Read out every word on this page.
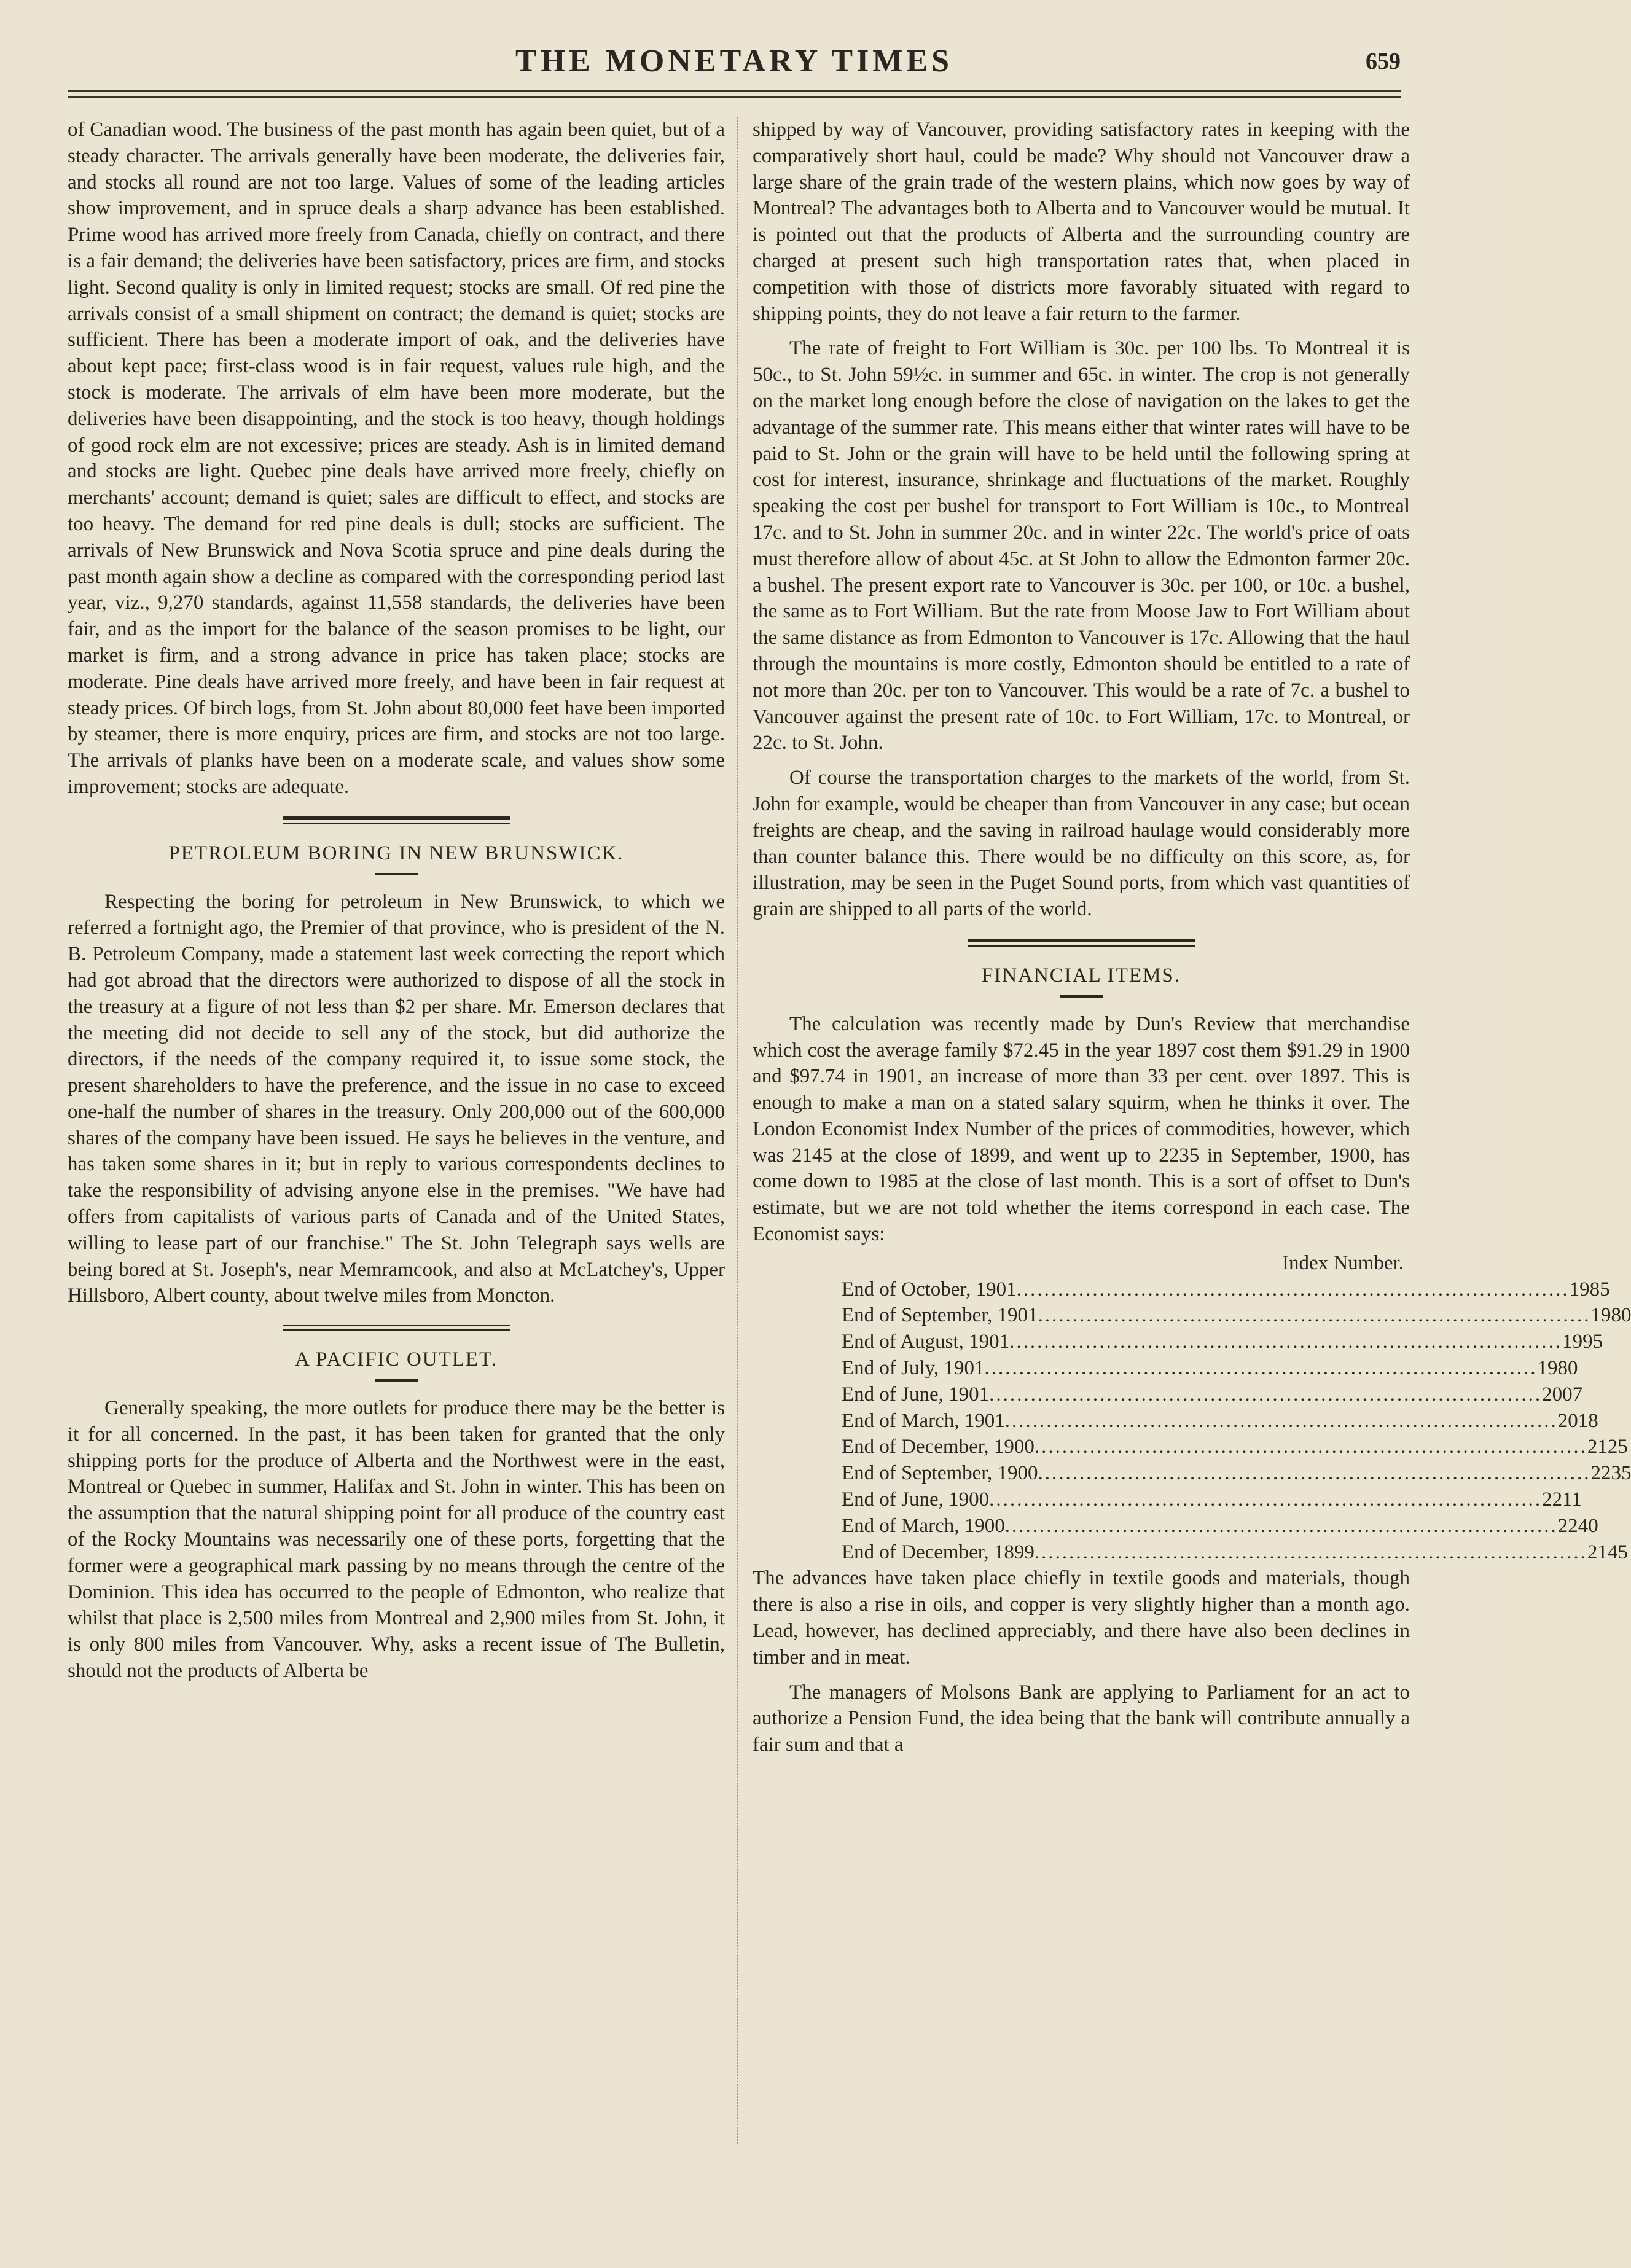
THE MONETARY TIMES	659

of Canadian wood. The business of the past month has again been quiet, but of a steady character. The arrivals generally have been moderate, the deliveries fair, and stocks all round are not too large. Values of some of the leading articles show improvement, and in spruce deals a sharp advance has been established. Prime wood has arrived more freely from Canada, chiefly on contract, and there is a fair demand; the deliveries have been satisfactory, prices are firm, and stocks light. Second quality is only in limited request; stocks are small. Of red pine the arrivals consist of a small shipment on contract; the demand is quiet; stocks are sufficient. There has been a moderate import of oak, and the deliveries have about kept pace; first-class wood is in fair request, values rule high, and the stock is moderate. The arrivals of elm have been more moderate, but the deliveries have been disappointing, and the stock is too heavy, though holdings of good rock elm are not excessive; prices are steady. Ash is in limited demand and stocks are light. Quebec pine deals have arrived more freely, chiefly on merchants' account; demand is quiet; sales are difficult to effect, and stocks are too heavy. The demand for red pine deals is dull; stocks are sufficient. The arrivals of New Brunswick and Nova Scotia spruce and pine deals during the past month again show a decline as compared with the corresponding period last year, viz., 9,270 standards, against 11,558 standards, the deliveries have been fair, and as the import for the balance of the season promises to be light, our market is firm, and a strong advance in price has taken place; stocks are moderate. Pine deals have arrived more freely, and have been in fair request at steady prices. Of birch logs, from St. John about 80,000 feet have been imported by steamer, there is more enquiry, prices are firm, and stocks are not too large. The arrivals of planks have been on a moderate scale, and values show some improvement; stocks are adequate.

PETROLEUM BORING IN NEW BRUNSWICK.

Respecting the boring for petroleum in New Brunswick, to which we referred a fortnight ago, the Premier of that province, who is president of the N. B. Petroleum Company, made a statement last week correcting the report which had got abroad that the directors were authorized to dispose of all the stock in the treasury at a figure of not less than $2 per share. Mr. Emerson declares that the meeting did not decide to sell any of the stock, but did authorize the directors, if the needs of the company required it, to issue some stock, the present shareholders to have the preference, and the issue in no case to exceed one-half the number of shares in the treasury. Only 200,000 out of the 600,000 shares of the company have been issued. He says he believes in the venture, and has taken some shares in it; but in reply to various correspondents declines to take the responsibility of advising anyone else in the premises. "We have had offers from capitalists of various parts of Canada and of the United States, willing to lease part of our franchise." The St. John Telegraph says wells are being bored at St. Joseph's, near Memramcook, and also at McLatchey's, Upper Hillsboro, Albert county, about twelve miles from Moncton.

A PACIFIC OUTLET.

Generally speaking, the more outlets for produce there may be the better is it for all concerned. In the past, it has been taken for granted that the only shipping ports for the produce of Alberta and the Northwest were in the east, Montreal or Quebec in summer, Halifax and St. John in winter. This has been on the assumption that the natural shipping point for all produce of the country east of the Rocky Mountains was necessarily one of these ports, forgetting that the former were a geographical mark passing by no means through the centre of the Dominion. This idea has occurred to the people of Edmonton, who realize that whilst that place is 2,500 miles from Montreal and 2,900 miles from St. John, it is only 800 miles from Vancouver. Why, asks a recent issue of The Bulletin, should not the products of Alberta be

shipped by way of Vancouver, providing satisfactory rates in keeping with the comparatively short haul, could be made? Why should not Vancouver draw a large share of the grain trade of the western plains, which now goes by way of Montreal? The advantages both to Alberta and to Vancouver would be mutual. It is pointed out that the products of Alberta and the surrounding country are charged at present such high transportation rates that, when placed in competition with those of districts more favorably situated with regard to shipping points, they do not leave a fair return to the farmer.

The rate of freight to Fort William is 30c. per 100 lbs. To Montreal it is 50c., to St. John 59½c. in summer and 65c. in winter. The crop is not generally on the market long enough before the close of navigation on the lakes to get the advantage of the summer rate. This means either that winter rates will have to be paid to St. John or the grain will have to be held until the following spring at cost for interest, insurance, shrinkage and fluctuations of the market. Roughly speaking the cost per bushel for transport to Fort William is 10c., to Montreal 17c. and to St. John in summer 20c. and in winter 22c. The world's price of oats must therefore allow of about 45c. at St John to allow the Edmonton farmer 20c. a bushel. The present export rate to Vancouver is 30c. per 100, or 10c. a bushel, the same as to Fort William. But the rate from Moose Jaw to Fort William about the same distance as from Edmonton to Vancouver is 17c. Allowing that the haul through the mountains is more costly, Edmonton should be entitled to a rate of not more than 20c. per ton to Vancouver. This would be a rate of 7c. a bushel to Vancouver against the present rate of 10c. to Fort William, 17c. to Montreal, or 22c. to St. John.

Of course the transportation charges to the markets of the world, from St. John for example, would be cheaper than from Vancouver in any case; but ocean freights are cheap, and the saving in railroad haulage would considerably more than counter balance this. There would be no difficulty on this score, as, for illustration, may be seen in the Puget Sound ports, from which vast quantities of grain are shipped to all parts of the world.

FINANCIAL ITEMS.

The calculation was recently made by Dun's Review that merchandise which cost the average family $72.45 in the year 1897 cost them $91.29 in 1900 and $97.74 in 1901, an increase of more than 33 per cent. over 1897. This is enough to make a man on a stated salary squirm, when he thinks it over. The London Economist Index Number of the prices of commodities, however, which was 2145 at the close of 1899, and went up to 2235 in September, 1900, has come down to 1985 at the close of last month. This is a sort of offset to Dun's estimate, but we are not told whether the items correspond in each case. The Economist says:

Index Number.
End of October, 1901 ................................................................................ 1985
End of September, 1901 ................................................................................ 1980
End of August, 1901 ................................................................................ 1995
End of July, 1901 ................................................................................ 1980
End of June, 1901 ................................................................................ 2007
End of March, 1901 ................................................................................ 2018
End of December, 1900 ................................................................................ 2125
End of September, 1900 ................................................................................ 2235
End of June, 1900 ................................................................................ 2211
End of March, 1900 ................................................................................ 2240
End of December, 1899 ................................................................................ 2145

The advances have taken place chiefly in textile goods and materials, though there is also a rise in oils, and copper is very slightly higher than a month ago. Lead, however, has declined appreciably, and there have also been declines in timber and in meat.

The managers of Molsons Bank are applying to Parliament for an act to authorize a Pension Fund, the idea being that the bank will contribute annually a fair sum and that a
